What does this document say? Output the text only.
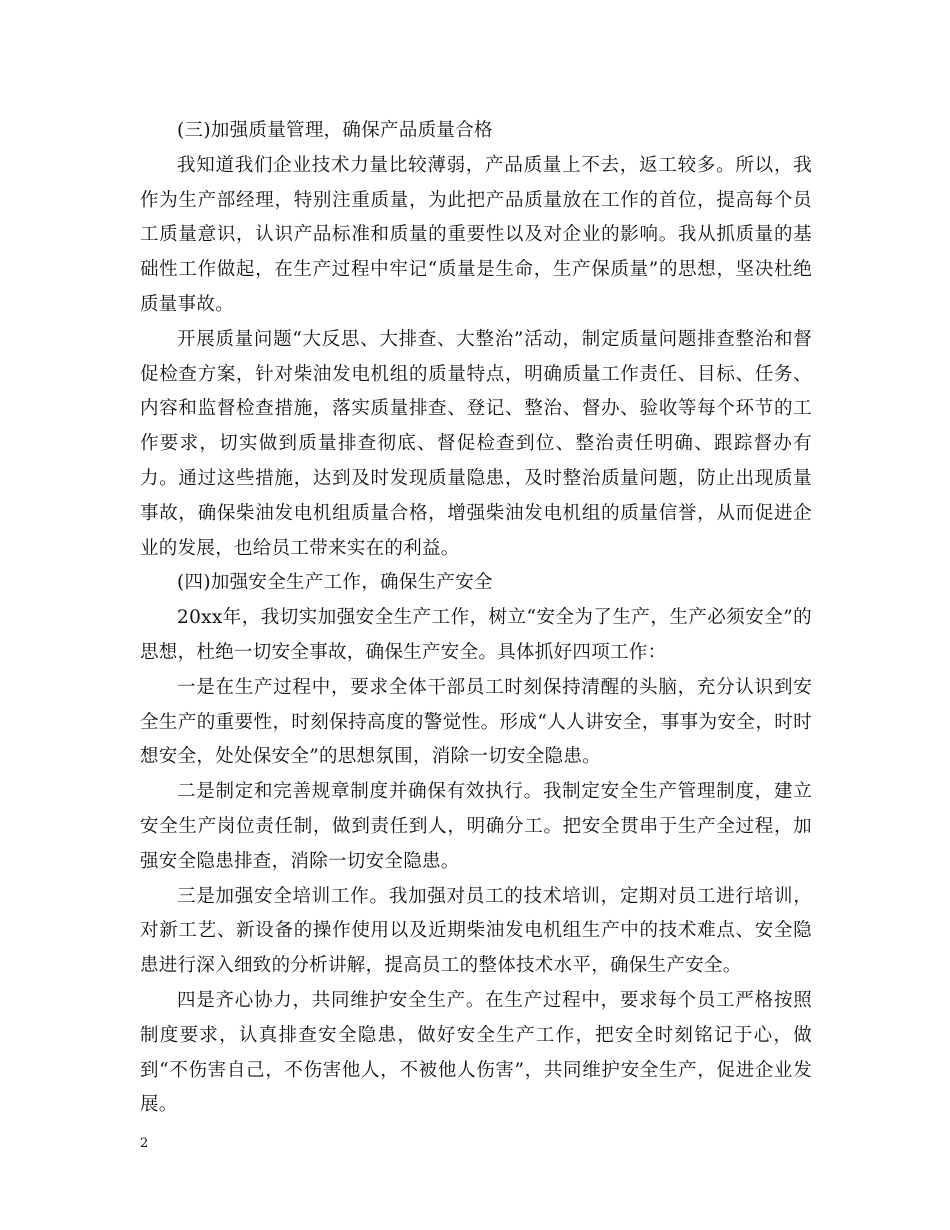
(三)加强质量管理，确保产品质量合格

我知道我们企业技术力量比较薄弱，产品质量上不去，返工较多。所以，我作为生产部经理，特别注重质量，为此把产品质量放在工作的首位，提高每个员工质量意识，认识产品标准和质量的重要性以及对企业的影响。我从抓质量的基础性工作做起，在生产过程中牢记“质量是生命，生产保质量”的思想，坚决杜绝质量事故。

开展质量问题“大反思、大排查、大整治”活动，制定质量问题排查整治和督促检查方案，针对柴油发电机组的质量特点，明确质量工作责任、目标、任务、内容和监督检查措施，落实质量排查、登记、整治、督办、验收等每个环节的工作要求，切实做到质量排查彻底、督促检查到位、整治责任明确、跟踪督办有力。通过这些措施，达到及时发现质量隐患，及时整治质量问题，防止出现质量事故，确保柴油发电机组质量合格，增强柴油发电机组的质量信誉，从而促进企业的发展，也给员工带来实在的利益。

(四)加强安全生产工作，确保生产安全

20xx年，我切实加强安全生产工作，树立“安全为了生产，生产必须安全”的思想，杜绝一切安全事故，确保生产安全。具体抓好四项工作：

一是在生产过程中，要求全体干部员工时刻保持清醒的头脑，充分认识到安全生产的重要性，时刻保持高度的警觉性。形成“人人讲安全，事事为安全，时时想安全，处处保安全”的思想氛围，消除一切安全隐患。

二是制定和完善规章制度并确保有效执行。我制定安全生产管理制度，建立安全生产岗位责任制，做到责任到人，明确分工。把安全贯串于生产全过程，加强安全隐患排查，消除一切安全隐患。

三是加强安全培训工作。我加强对员工的技术培训，定期对员工进行培训，对新工艺、新设备的操作使用以及近期柴油发电机组生产中的技术难点、安全隐患进行深入细致的分析讲解，提高员工的整体技术水平，确保生产安全。

四是齐心协力，共同维护安全生产。在生产过程中，要求每个员工严格按照制度要求，认真排查安全隐患，做好安全生产工作，把安全时刻铭记于心，做到“不伤害自己，不伤害他人，不被他人伤害”，共同维护安全生产，促进企业发展。

2
